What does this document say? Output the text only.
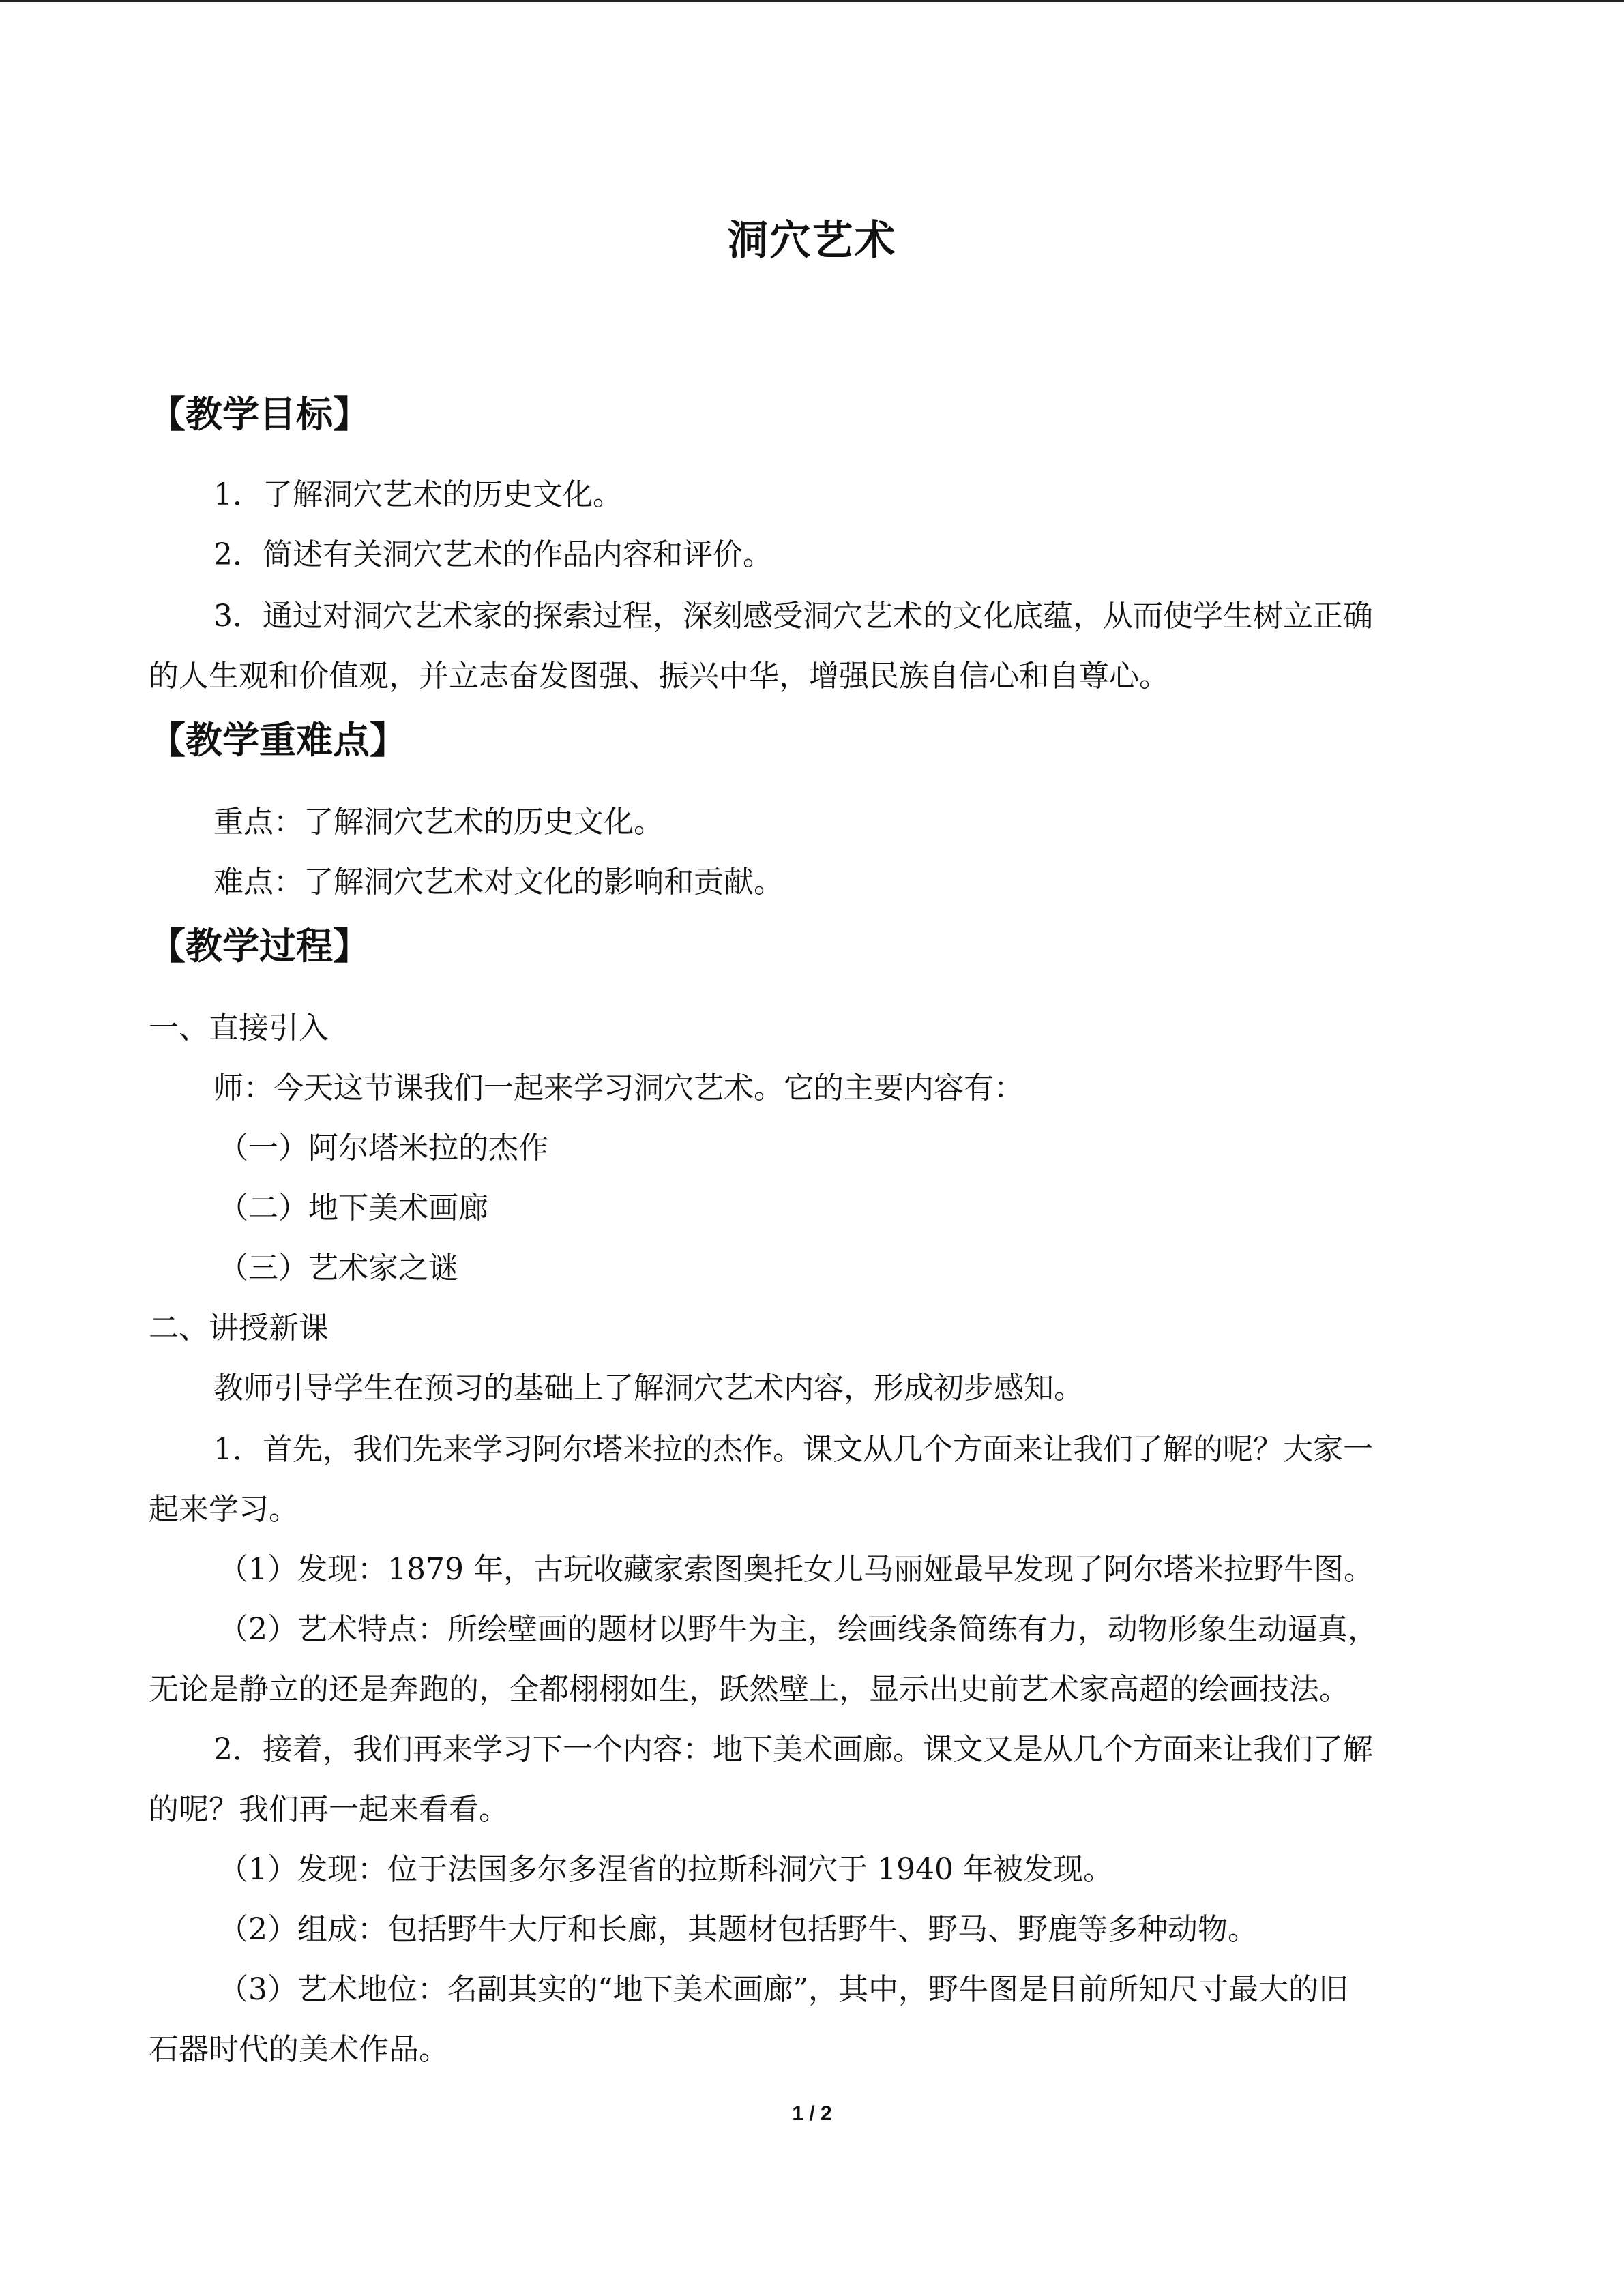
洞穴艺术
【教学目标】
1．了解洞穴艺术的历史文化。
2．简述有关洞穴艺术的作品内容和评价。
3．通过对洞穴艺术家的探索过程，深刻感受洞穴艺术的文化底蕴，从而使学生树立正确
的人生观和价值观，并立志奋发图强、振兴中华，增强民族自信心和自尊心。
【教学重难点】
重点：了解洞穴艺术的历史文化。
难点：了解洞穴艺术对文化的影响和贡献。
【教学过程】
一、直接引入
师：今天这节课我们一起来学习洞穴艺术。它的主要内容有：
（一）阿尔塔米拉的杰作
（二）地下美术画廊
（三）艺术家之谜
二、讲授新课
教师引导学生在预习的基础上了解洞穴艺术内容，形成初步感知。
1．首先，我们先来学习阿尔塔米拉的杰作。课文从几个方面来让我们了解的呢？大家一
起来学习。
（1）发现：1879 年，古玩收藏家索图奥托女儿马丽娅最早发现了阿尔塔米拉野牛图。
（2）艺术特点：所绘壁画的题材以野牛为主，绘画线条简练有力，动物形象生动逼真，
无论是静立的还是奔跑的，全都栩栩如生，跃然壁上，显示出史前艺术家高超的绘画技法。
2．接着，我们再来学习下一个内容：地下美术画廊。课文又是从几个方面来让我们了解
的呢？我们再一起来看看。
（1）发现：位于法国多尔多涅省的拉斯科洞穴于 1940 年被发现。
（2）组成：包括野牛大厅和长廊，其题材包括野牛、野马、野鹿等多种动物。
（3）艺术地位：名副其实的“地下美术画廊”，其中，野牛图是目前所知尺寸最大的旧
石器时代的美术作品。
1 / 2
